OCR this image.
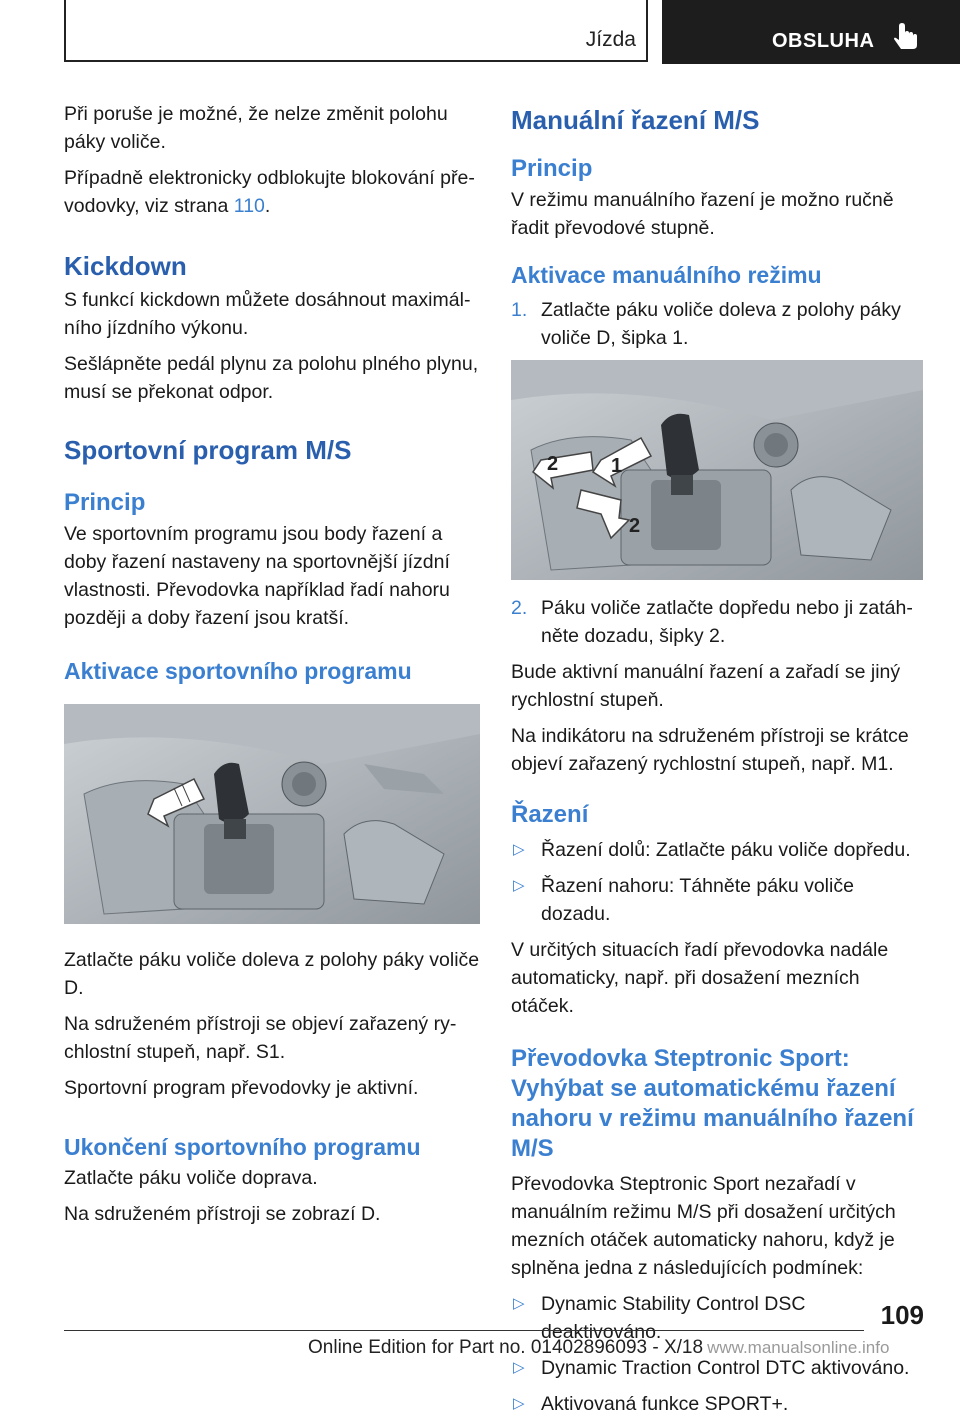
Jízda	OBSLUHA

Při poruše je možné, že nelze změnit polohu páky voliče.

Případně elektronicky odblokujte blokování převodovky, viz strana 110.

Kickdown

S funkcí kickdown můžete dosáhnout maximálního jízdního výkonu.

Sešlápněte pedál plynu za polohu plného plynu, musí se překonat odpor.

Sportovní program M/S
Princip

Ve sportovním programu jsou body řazení a doby řazení nastaveny na sportovnější jízdní vlastnosti. Převodovka například řadí nahoru později a doby řazení jsou kratší.

Aktivace sportovního programu

Zatlačte páku voliče doleva z polohy páky voliče D.

Na sdruženém přístroji se objeví zařazený rychlostní stupeň, např. S1.

Sportovní program převodovky je aktivní.

Ukončení sportovního programu

Zatlačte páku voliče doprava.

Na sdruženém přístroji se zobrazí D.

Manuální řazení M/S
Princip

V režimu manuálního řazení je možno ručně řadit převodové stupně.

Aktivace manuálního režimu
1. Zatlačte páku voliče doleva z polohy páky voliče D, šipka 1.
2	1
2
2. Páku voliče zatlačte dopředu nebo ji zatáhněte dozadu, šipky 2.

Bude aktivní manuální řazení a zařadí se jiný rychlostní stupeň.

Na indikátoru na sdruženém přístroji se krátce objeví zařazený rychlostní stupeň, např. M1.

Řazení
▷ Řazení dolů: Zatlačte páku voliče dopředu.
▷ Řazení nahoru: Táhněte páku voliče dozadu.

V určitých situacích řadí převodovka nadále automaticky, např. při dosažení mezních otáček.

Převodovka Steptronic Sport: Vyhýbat se automatickému řazení nahoru v režimu manuálního řazení M/S

Převodovka Steptronic Sport nezařadí v manuálním režimu M/S při dosažení určitých mezních otáček automaticky nahoru, když je splněna jedna z následujících podmínek:

▷ Dynamic Stability Control DSC deaktivováno.
▷ Dynamic Traction Control DTC aktivováno.
▷ Aktivovaná funkce SPORT+.
109
Online Edition for Part no. 01402896093 - X/18 www.manualsonline.info
